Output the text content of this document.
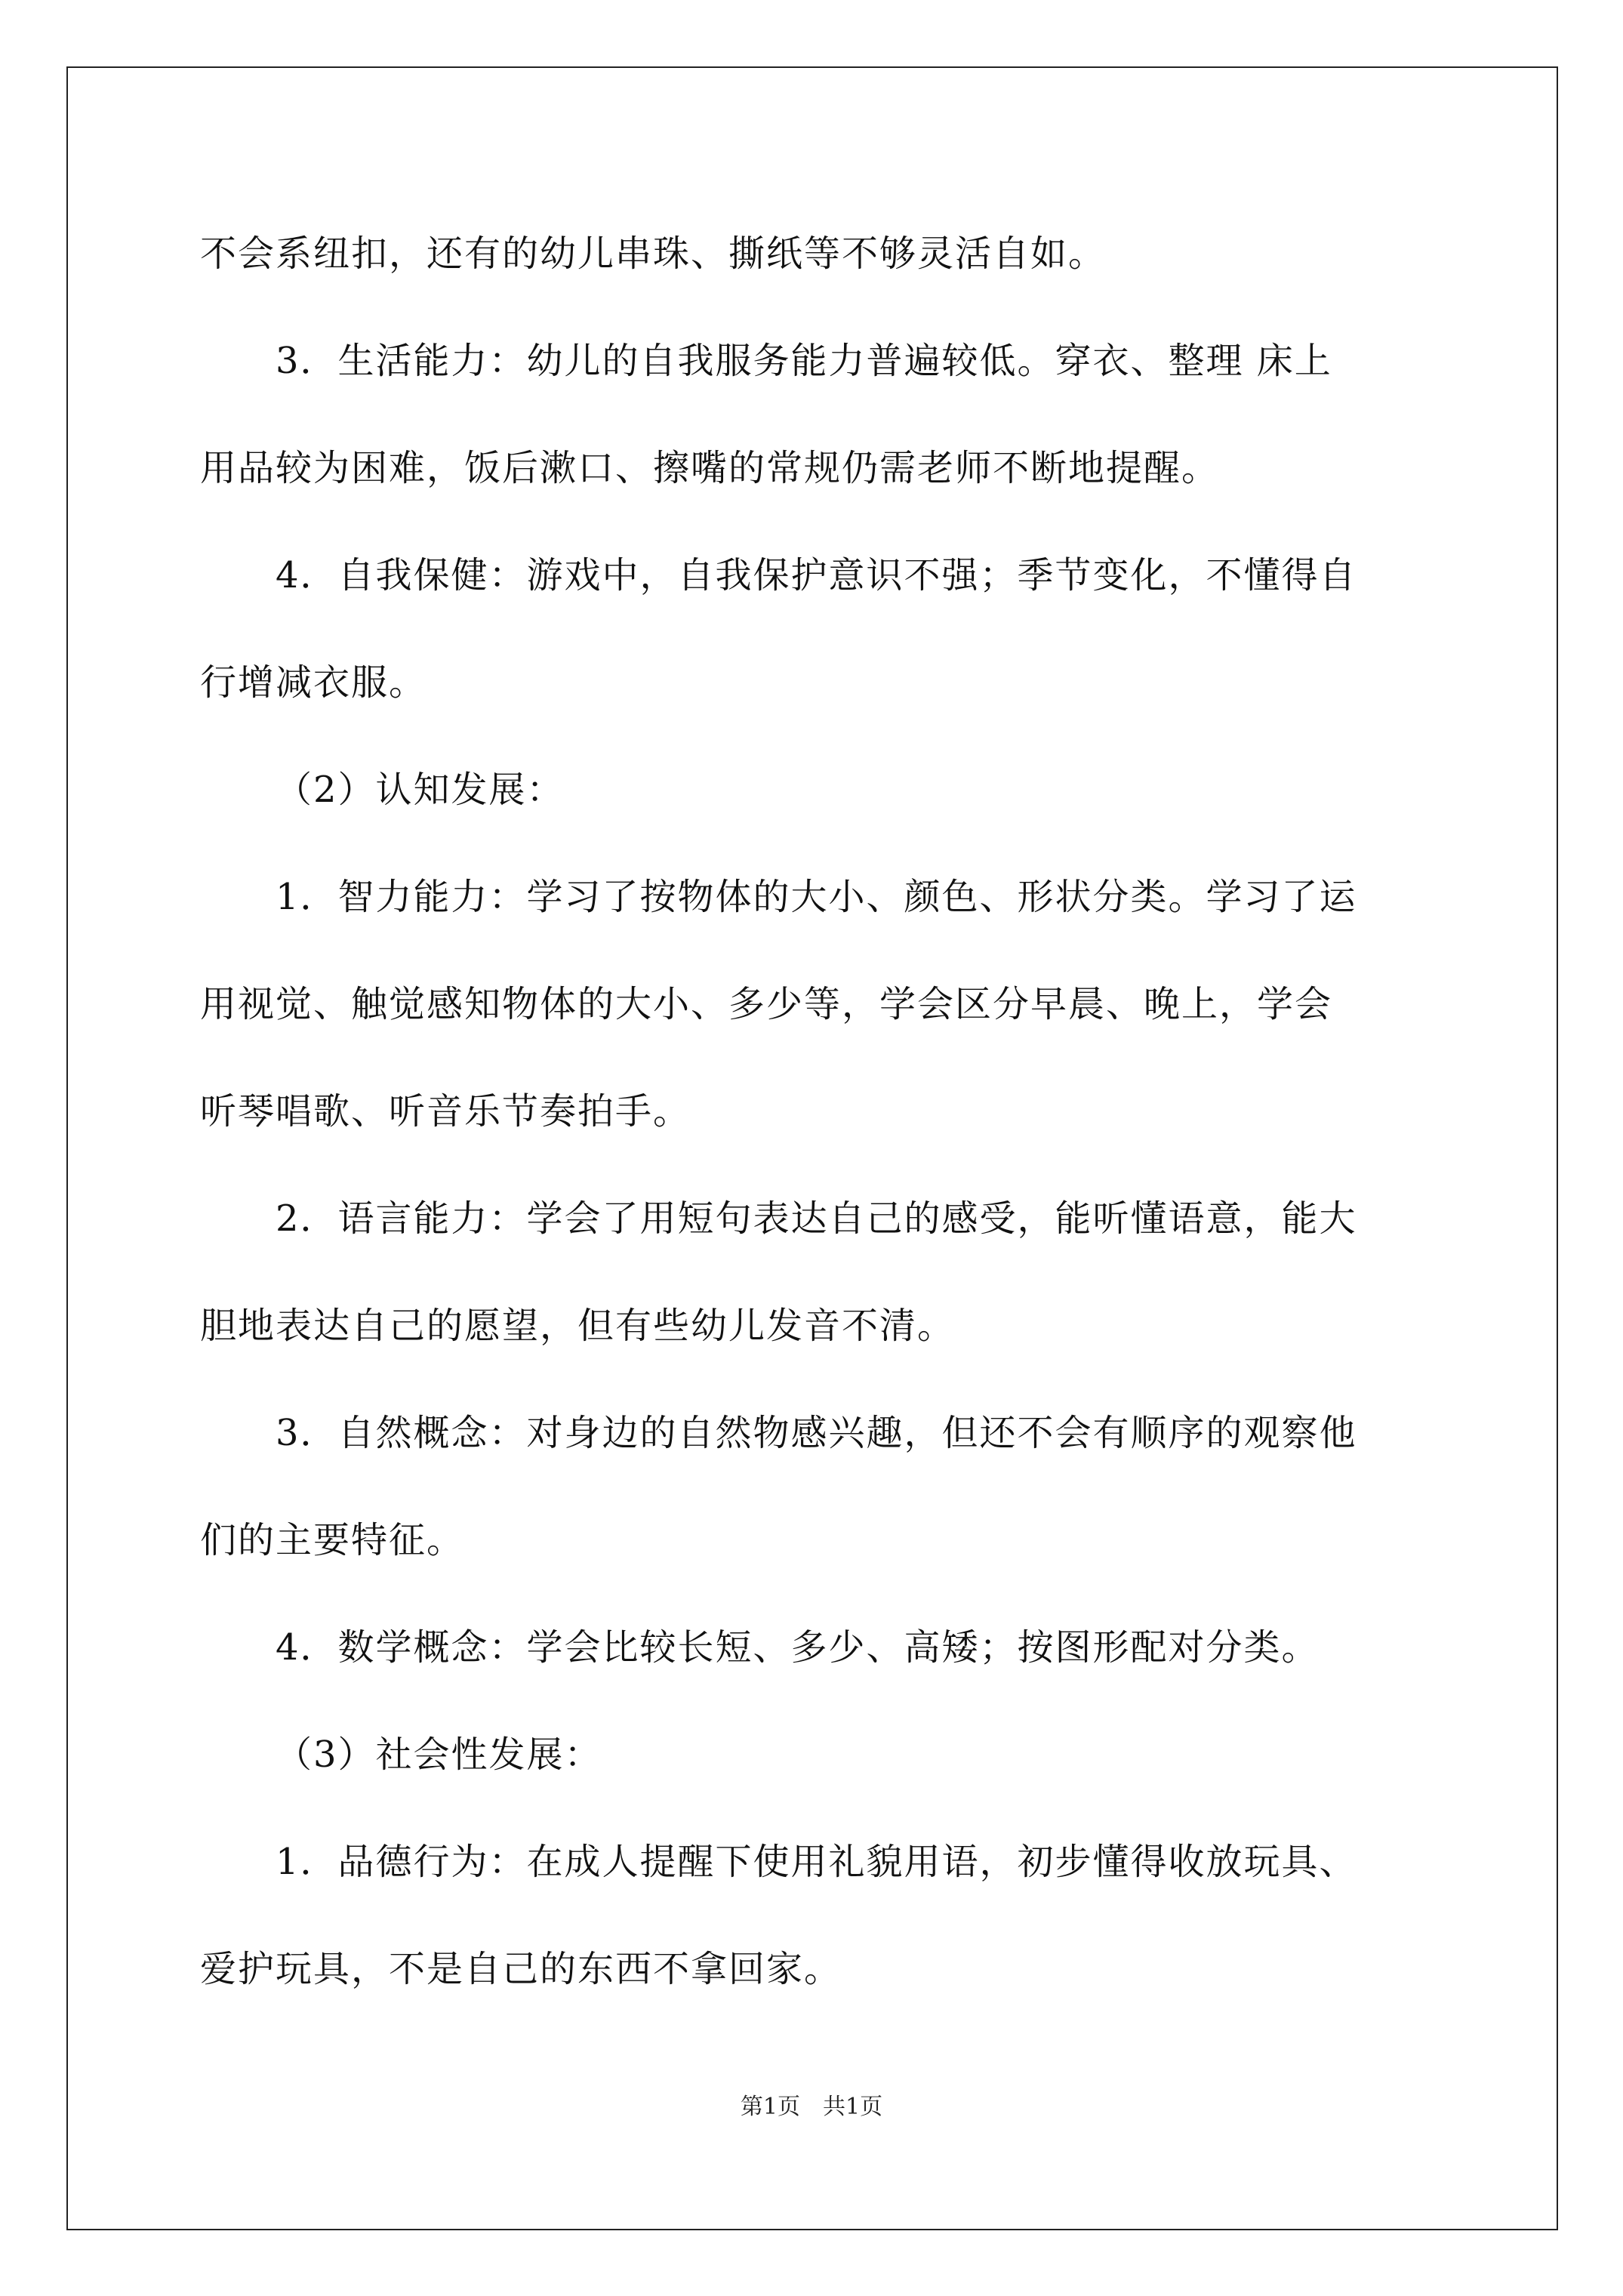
不会系纽扣，还有的幼儿串珠、撕纸等不够灵活自如。
3．生活能力：幼儿的自我服务能力普遍较低。穿衣、整理 床上
用品较为困难，饭后漱口、擦嘴的常规仍需老师不断地提醒。
4．自我保健：游戏中，自我保护意识不强；季节变化，不懂得自
行增减衣服。
（2）认知发展：
1．智力能力：学习了按物体的大小、颜色、形状分类。学习了运
用视觉、触觉感知物体的大小、多少等，学会区分早晨、晚上，学会
听琴唱歌、听音乐节奏拍手。
2．语言能力：学会了用短句表达自己的感受，能听懂语意，能大
胆地表达自己的愿望，但有些幼儿发音不清。
3．自然概念：对身边的自然物感兴趣，但还不会有顺序的观察他
们的主要特征。
4．数学概念：学会比较长短、多少、高矮；按图形配对分类。
（3）社会性发展：
1．品德行为：在成人提醒下使用礼貌用语，初步懂得收放玩具、
爱护玩具，不是自己的东西不拿回家。
第1页　共1页
